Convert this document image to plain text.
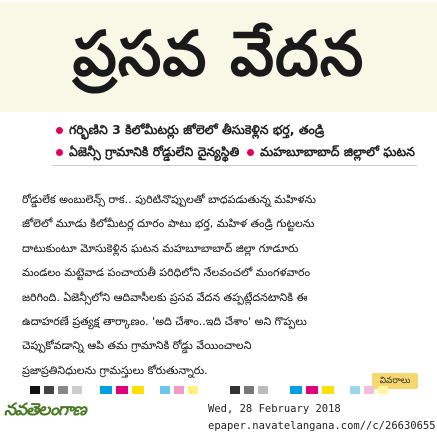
ప్రసవ వేదన
గర్భిణిని 3 కిలోమీటర్లు జోలెలో తీసుకెళ్లిన భర్త, తండ్రి
ఏజెన్సీ గ్రామానికి రోడ్డులేని దైన్యస్థితి	మహబూబాబాద్ జిల్లాలో ఘటన
రోడ్డులేక అంబులెన్స్ రాక.. పురిటినొప్పులతో బాధపడుతున్న మహిళను
జోలెలో మూడు కిలోమీటర్ల దూరం పాటు భర్త, మహిళ తండ్రి గుట్టలను
దాటుకుంటూ మోసుకెళ్లిన ఘటన మహబూబాబాద్ జిల్లా గూడూరు
మండలం మట్టెవాడ పంచాయతీ పరిధిలోని నేలవంచలో మంగళవారం
జరిగింది. ఏజెన్సీలోని ఆదివాసీలకు ప్రసవ వేదన తప్పట్లేదనటానికి ఈ
ఉదాహరణే ప్రత్యక్ష తార్కాణం. 'అది చేశాం..ఇది చేశాం' అని గొప్పలు
చెప్పుకోవడాన్ని ఆపి తమ గ్రామానికి రోడ్డు వేయించాలని
ప్రజాప్రతినిధులను గ్రామస్తులు కోరుతున్నారు.
వివరాలు
నవతెలంగాణ	Wed, 28 February 2018
epaper.navatelangana.com//c/26630655
